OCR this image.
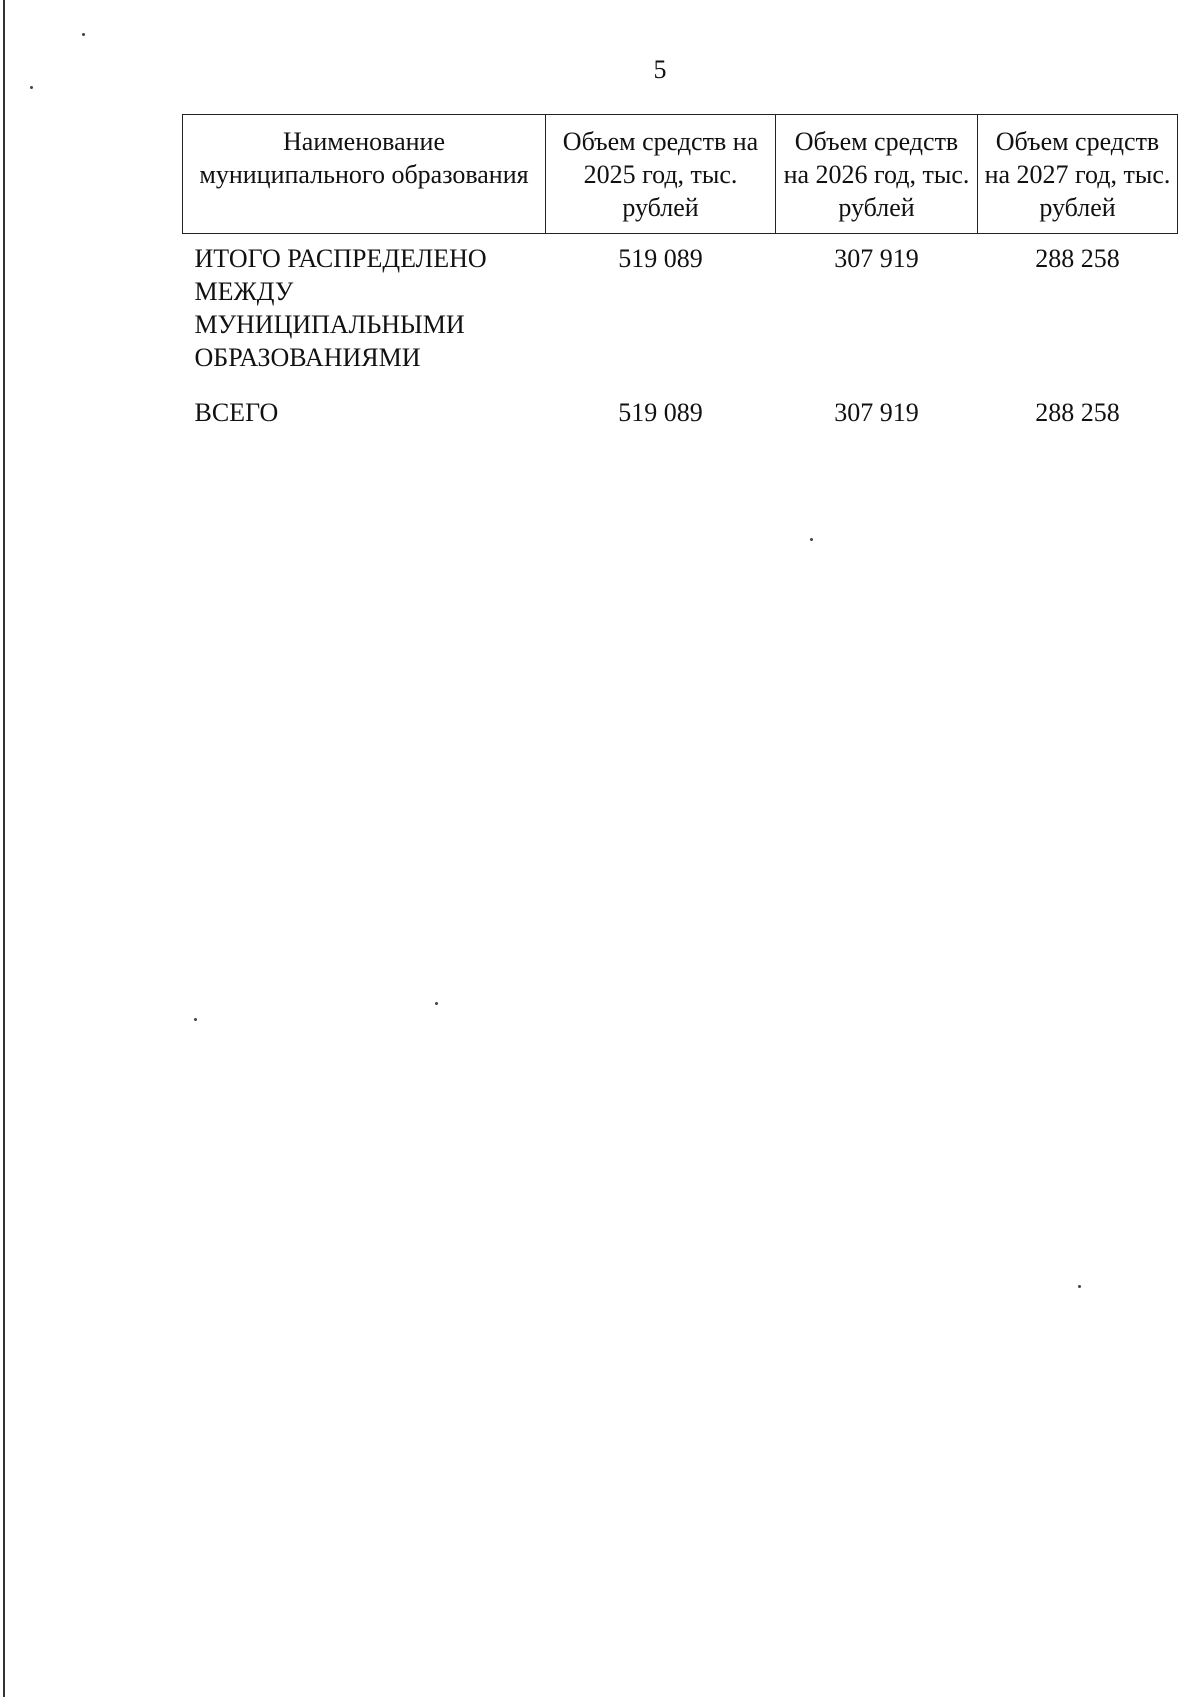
5
Наименование муниципального образования	Объем средств на 2025 год, тыс. рублей	Объем средств на 2026 год, тыс. рублей	Объем средств на 2027 год, тыс. рублей
ИТОГО РАСПРЕДЕЛЕНО МЕЖДУ МУНИЦИПАЛЬНЫМИ ОБРАЗОВАНИЯМИ	519 089	307 919	288 258
ВСЕГО	519 089	307 919	288 258
